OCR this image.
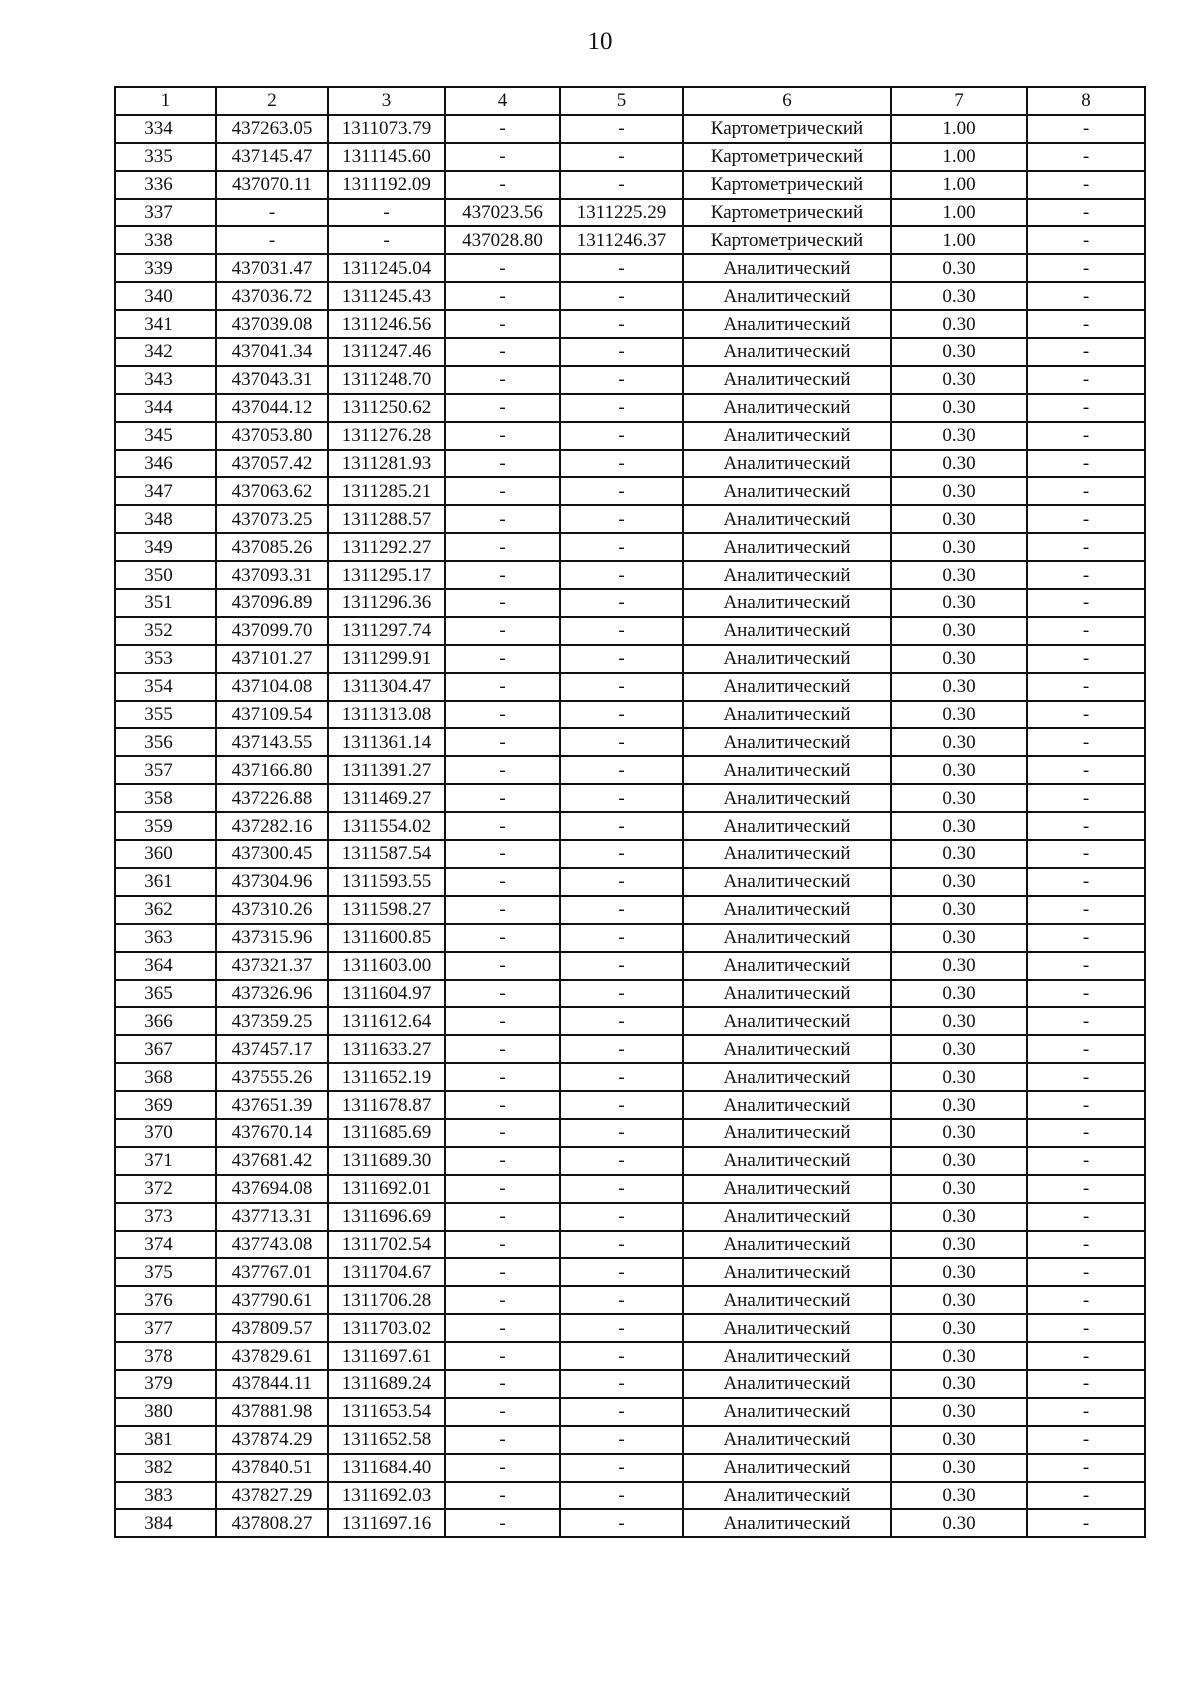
10
1	2	3	4	5	6	7	8
334	437263.05	1311073.79	-	-	Картометрический	1.00	-
335	437145.47	1311145.60	-	-	Картометрический	1.00	-
336	437070.11	1311192.09	-	-	Картометрический	1.00	-
337	-	-	437023.56	1311225.29	Картометрический	1.00	-
338	-	-	437028.80	1311246.37	Картометрический	1.00	-
339	437031.47	1311245.04	-	-	Аналитический	0.30	-
340	437036.72	1311245.43	-	-	Аналитический	0.30	-
341	437039.08	1311246.56	-	-	Аналитический	0.30	-
342	437041.34	1311247.46	-	-	Аналитический	0.30	-
343	437043.31	1311248.70	-	-	Аналитический	0.30	-
344	437044.12	1311250.62	-	-	Аналитический	0.30	-
345	437053.80	1311276.28	-	-	Аналитический	0.30	-
346	437057.42	1311281.93	-	-	Аналитический	0.30	-
347	437063.62	1311285.21	-	-	Аналитический	0.30	-
348	437073.25	1311288.57	-	-	Аналитический	0.30	-
349	437085.26	1311292.27	-	-	Аналитический	0.30	-
350	437093.31	1311295.17	-	-	Аналитический	0.30	-
351	437096.89	1311296.36	-	-	Аналитический	0.30	-
352	437099.70	1311297.74	-	-	Аналитический	0.30	-
353	437101.27	1311299.91	-	-	Аналитический	0.30	-
354	437104.08	1311304.47	-	-	Аналитический	0.30	-
355	437109.54	1311313.08	-	-	Аналитический	0.30	-
356	437143.55	1311361.14	-	-	Аналитический	0.30	-
357	437166.80	1311391.27	-	-	Аналитический	0.30	-
358	437226.88	1311469.27	-	-	Аналитический	0.30	-
359	437282.16	1311554.02	-	-	Аналитический	0.30	-
360	437300.45	1311587.54	-	-	Аналитический	0.30	-
361	437304.96	1311593.55	-	-	Аналитический	0.30	-
362	437310.26	1311598.27	-	-	Аналитический	0.30	-
363	437315.96	1311600.85	-	-	Аналитический	0.30	-
364	437321.37	1311603.00	-	-	Аналитический	0.30	-
365	437326.96	1311604.97	-	-	Аналитический	0.30	-
366	437359.25	1311612.64	-	-	Аналитический	0.30	-
367	437457.17	1311633.27	-	-	Аналитический	0.30	-
368	437555.26	1311652.19	-	-	Аналитический	0.30	-
369	437651.39	1311678.87	-	-	Аналитический	0.30	-
370	437670.14	1311685.69	-	-	Аналитический	0.30	-
371	437681.42	1311689.30	-	-	Аналитический	0.30	-
372	437694.08	1311692.01	-	-	Аналитический	0.30	-
373	437713.31	1311696.69	-	-	Аналитический	0.30	-
374	437743.08	1311702.54	-	-	Аналитический	0.30	-
375	437767.01	1311704.67	-	-	Аналитический	0.30	-
376	437790.61	1311706.28	-	-	Аналитический	0.30	-
377	437809.57	1311703.02	-	-	Аналитический	0.30	-
378	437829.61	1311697.61	-	-	Аналитический	0.30	-
379	437844.11	1311689.24	-	-	Аналитический	0.30	-
380	437881.98	1311653.54	-	-	Аналитический	0.30	-
381	437874.29	1311652.58	-	-	Аналитический	0.30	-
382	437840.51	1311684.40	-	-	Аналитический	0.30	-
383	437827.29	1311692.03	-	-	Аналитический	0.30	-
384	437808.27	1311697.16	-	-	Аналитический	0.30	-
